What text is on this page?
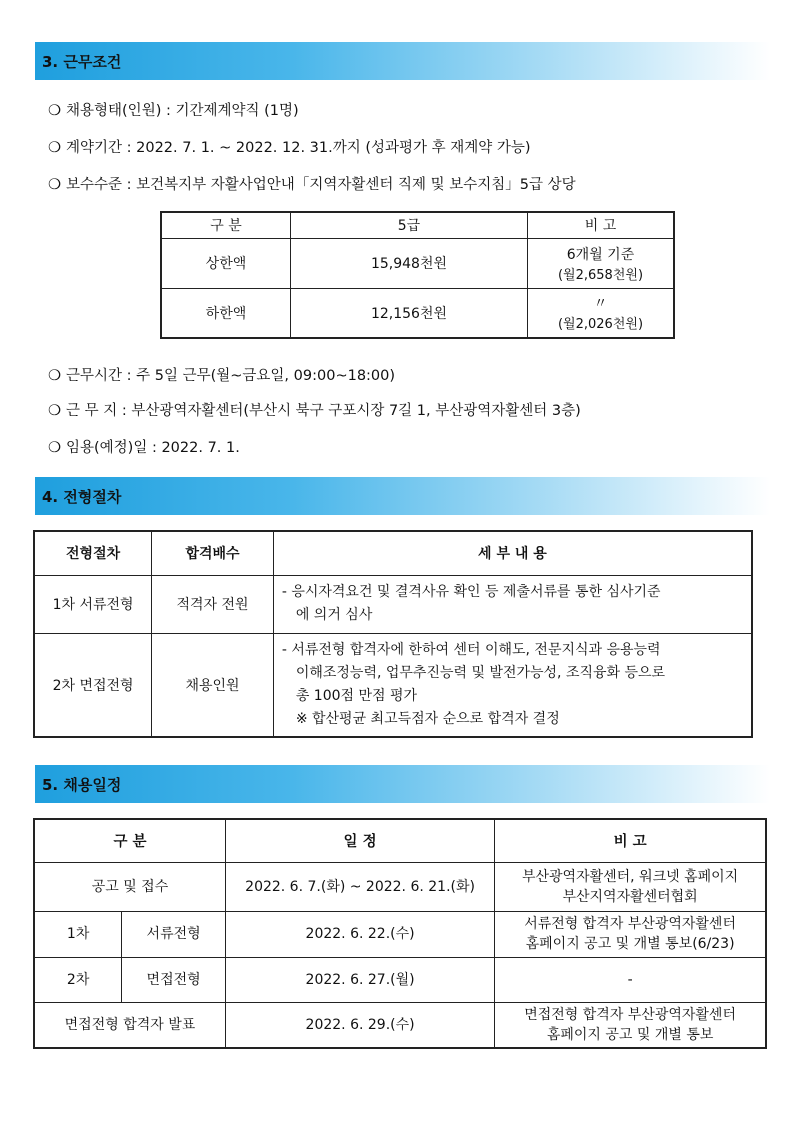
3. 근무조건
❍ 채용형태(인원) : 기간제계약직 (1명)
❍ 계약기간 : 2022. 7. 1. ~ 2022. 12. 31.까지 (성과평가 후 재계약 가능)
❍ 보수수준 : 보건복지부 자활사업안내「지역자활센터 직제 및 보수지침」5급 상당
구 분	5급	비 고
상한액	15,948천원	6개월 기준
(월2,658천원)

하한액	12,156천원	〃
(월2,026천원)
❍ 근무시간 : 주 5일 근무(월~금요일, 09:00~18:00)
❍ 근 무 지 : 부산광역자활센터(부산시 북구 구포시장 7길 1, 부산광역자활센터 3층)
❍ 임용(예정)일 : 2022. 7. 1.
4. 전형절차
전형절차	합격배수	세 부 내 용
1차 서류전형	적격자 전원	- 응시자격요건 및 결격사유 확인 등 제출서류를 통한 심사기준
에 의거 심사

2차 면접전형	채용인원	- 서류전형 합격자에 한하여 센터 이해도, 전문지식과 응용능력
이해조정능력, 업무추진능력 및 발전가능성, 조직융화 등으로
총 100점 만점 평가
※ 합산평균 최고득점자 순으로 합격자 결정
5. 채용일정
구 분		일 정	비 고
공고 및 접수		2022. 6. 7.(화) ~ 2022. 6. 21.(화)	부산광역자활센터, 워크넷 홈페이지
부산지역자활센터협회

1차	서류전형	2022. 6. 22.(수)	서류전형 합격자 부산광역자활센터
홈페이지 공고 및 개별 통보(6/23)

2차	면접전형	2022. 6. 27.(월)	-

면접전형 합격자 발표		2022. 6. 29.(수)	면접전형 합격자 부산광역자활센터
홈페이지 공고 및 개별 통보
